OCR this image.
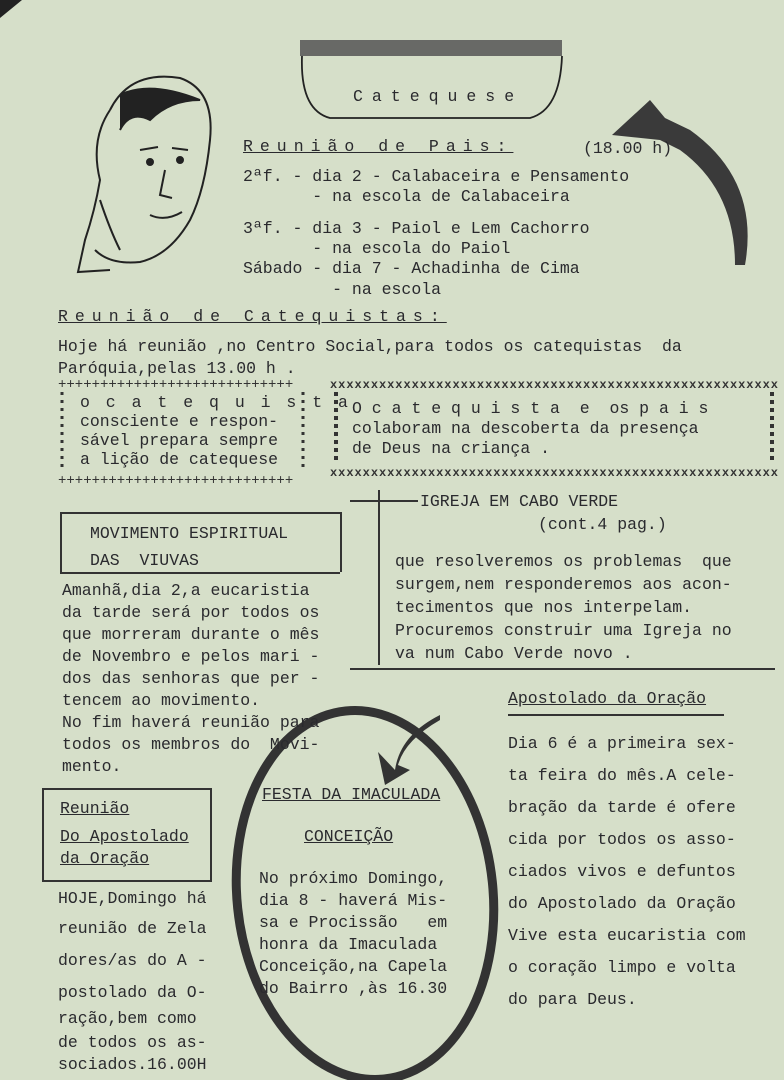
++++++++++++++++++++++++++++
++++++++++++++++++++++++++++
xxxxxxxxxxxxxxxxxxxxxxxxxxxxxxxxxxxxxxxxxxxxxxxxxxxxxxx
xxxxxxxxxxxxxxxxxxxxxxxxxxxxxxxxxxxxxxxxxxxxxxxxxxxxxxx
Catequese
Reunião de Pais:	(18.00 h)
2ªf. - dia 2 - Calabaceira e Pensamento
- na escola de Calabaceira
3ªf. - dia 3 - Paiol e Lem Cachorro
- na escola do Paiol
Sábado - dia 7 - Achadinha de Cima
- na escola
Reunião de Catequistas:
Hoje há reunião ,no Centro Social,para todos os catequistas  da
Paróquia,pelas 13.00 h .
o c a t e q u i s t a
consciente e respon-
sável prepara sempre
a lição de catequese
O c a t e q u i s t a  e  os p a i s
colaboram na descoberta da presença
de Deus na criança .
MOVIMENTO ESPIRITUAL
DAS  VIUVAS
Amanhã,dia 2,a eucaristia
da tarde será por todos os
que morreram durante o mês
de Novembro e pelos mari -
dos das senhoras que per -
tencem ao movimento.
No fim haverá reunião para
todos os membros do  Movi-
mento.
IGREJA EM CABO VERDE
(cont.4 pag.)
que resolveremos os problemas  que
surgem,nem responderemos aos acon-
tecimentos que nos interpelam.
Procuremos construir uma Igreja no
va num Cabo Verde novo .
Reunião
Do Apostolado
da Oração
HOJE,Domingo há
reunião de Zela
dores/as do A -
postolado da O-
ração,bem como
de todos os as-
sociados.16.00H
FESTA DA IMACULADA
CONCEIÇÃO
No próximo Domingo,
dia 8 - haverá Mis-
sa e Procissão   em
honra da Imaculada
Conceição,na Capela
do Bairro ,às 16.30
Apostolado da Oração
Dia 6 é a primeira sex-
ta feira do mês.A cele-
bração da tarde é ofere
cida por todos os asso-
ciados vivos e defuntos
do Apostolado da Oração
Vive esta eucaristia com
o coração limpo e volta
do para Deus.
